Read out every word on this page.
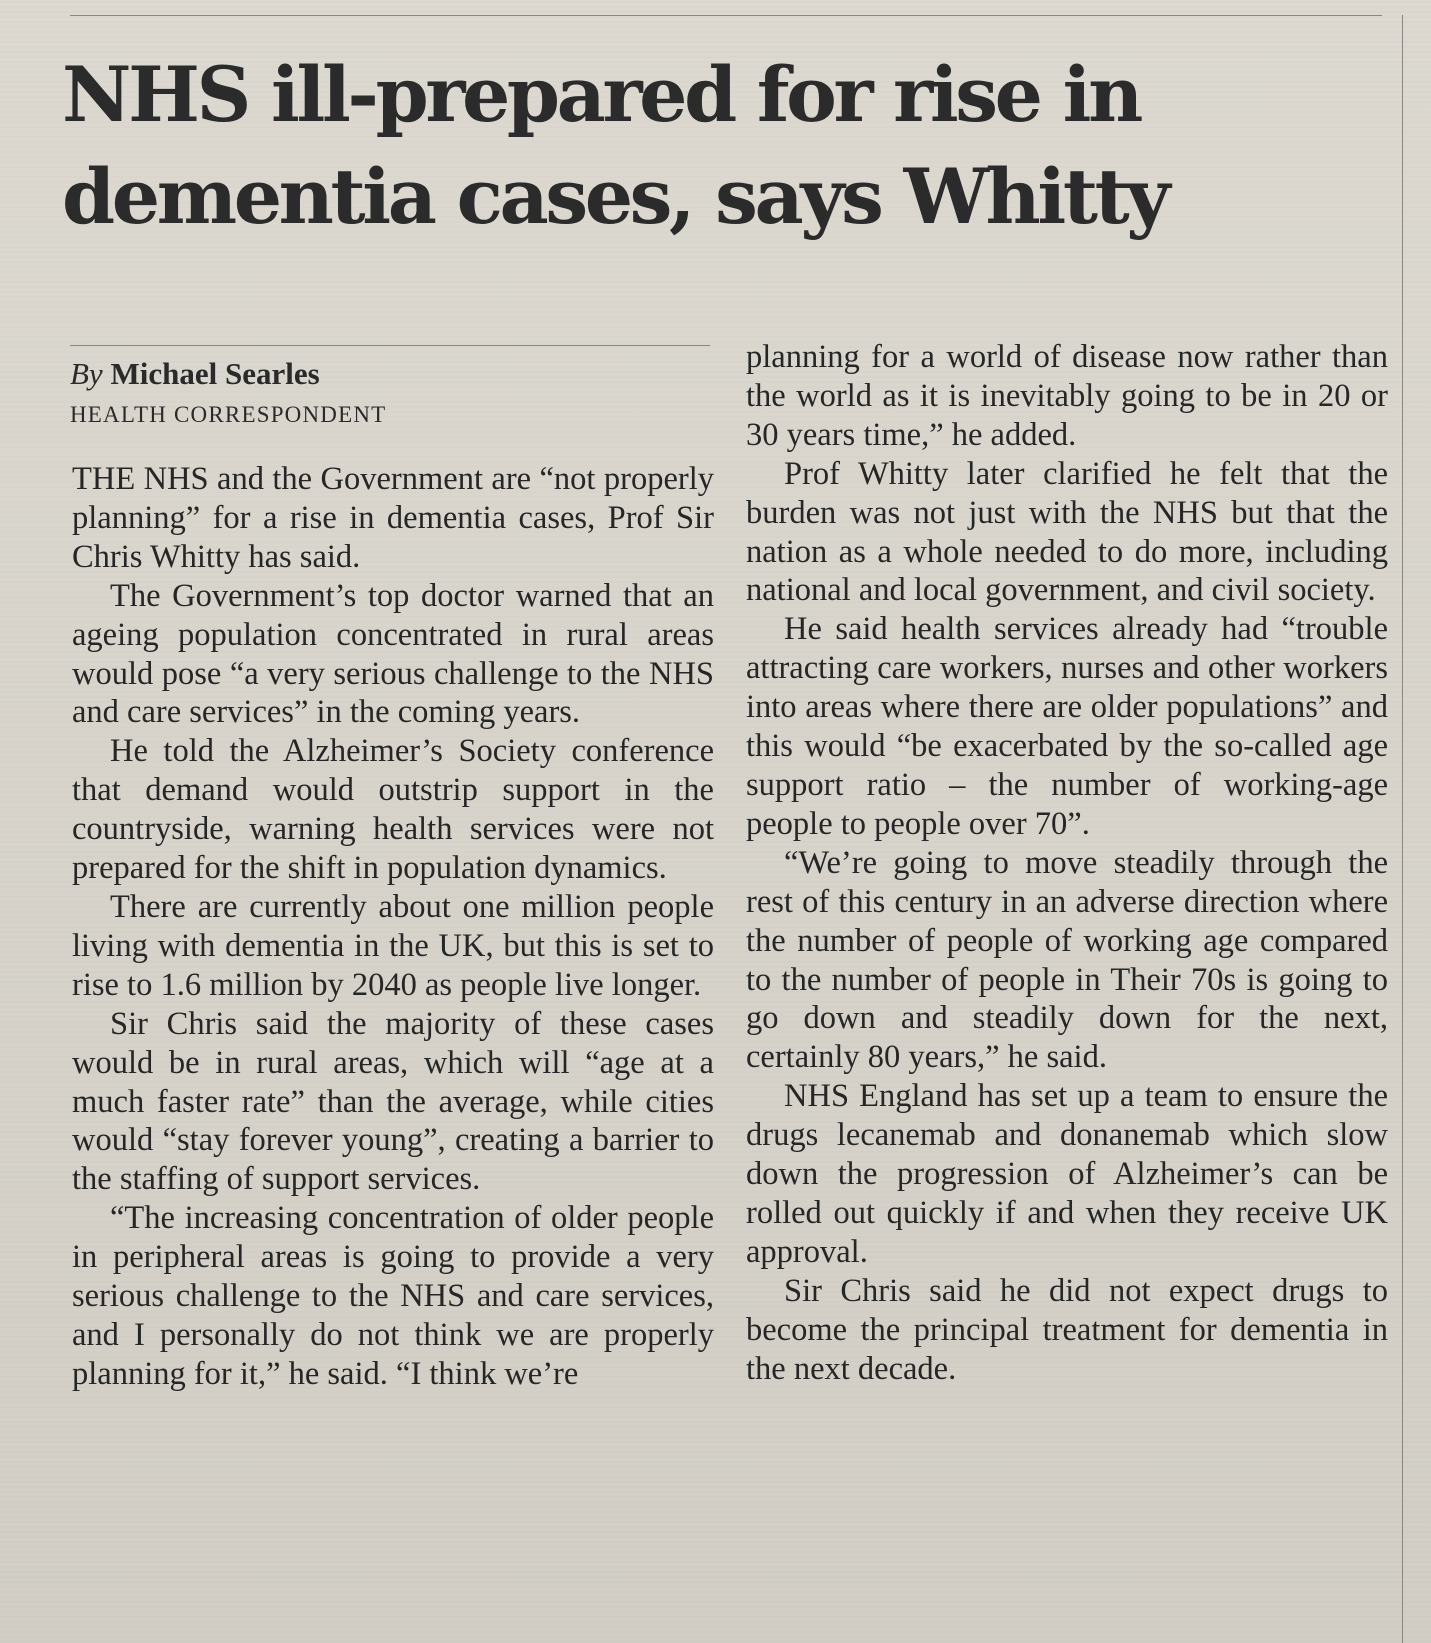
NHS ill-prepared for rise in dementia cases, says Whitty
By Michael Searles
HEALTH CORRESPONDENT

THE NHS and the Government are “not properly planning” for a rise in dementia cases, Prof Sir Chris Whitty has said.

The Government’s top doctor warned that an ageing population concentrated in rural areas would pose “a very serious challenge to the NHS and care services” in the coming years.

He told the Alzheimer’s Society conference that demand would outstrip support in the countryside, warning health services were not prepared for the shift in population dynamics.

There are currently about one million people living with dementia in the UK, but this is set to rise to 1.6 million by 2040 as people live longer.

Sir Chris said the majority of these cases would be in rural areas, which will “age at a much faster rate” than the average, while cities would “stay forever young”, creating a barrier to the staffing of support services.

“The increasing concentration of older people in peripheral areas is going to provide a very serious challenge to the NHS and care services, and I personally do not think we are properly planning for it,” he said. “I think we’re

planning for a world of disease now rather than the world as it is inevitably going to be in 20 or 30 years time,” he added.

Prof Whitty later clarified he felt that the burden was not just with the NHS but that the nation as a whole needed to do more, including national and local government, and civil society.

He said health services already had “trouble attracting care workers, nurses and other workers into areas where there are older populations” and this would “be exacerbated by the so-called age support ratio – the number of working-age people to people over 70”.

“We’re going to move steadily through the rest of this century in an adverse direction where the number of people of working age compared to the number of people in Their 70s is going to go down and steadily down for the next, certainly 80 years,” he said.

NHS England has set up a team to ensure the drugs lecanemab and donanemab which slow down the progression of Alzheimer’s can be rolled out quickly if and when they receive UK approval.

Sir Chris said he did not expect drugs to become the principal treatment for dementia in the next decade.
